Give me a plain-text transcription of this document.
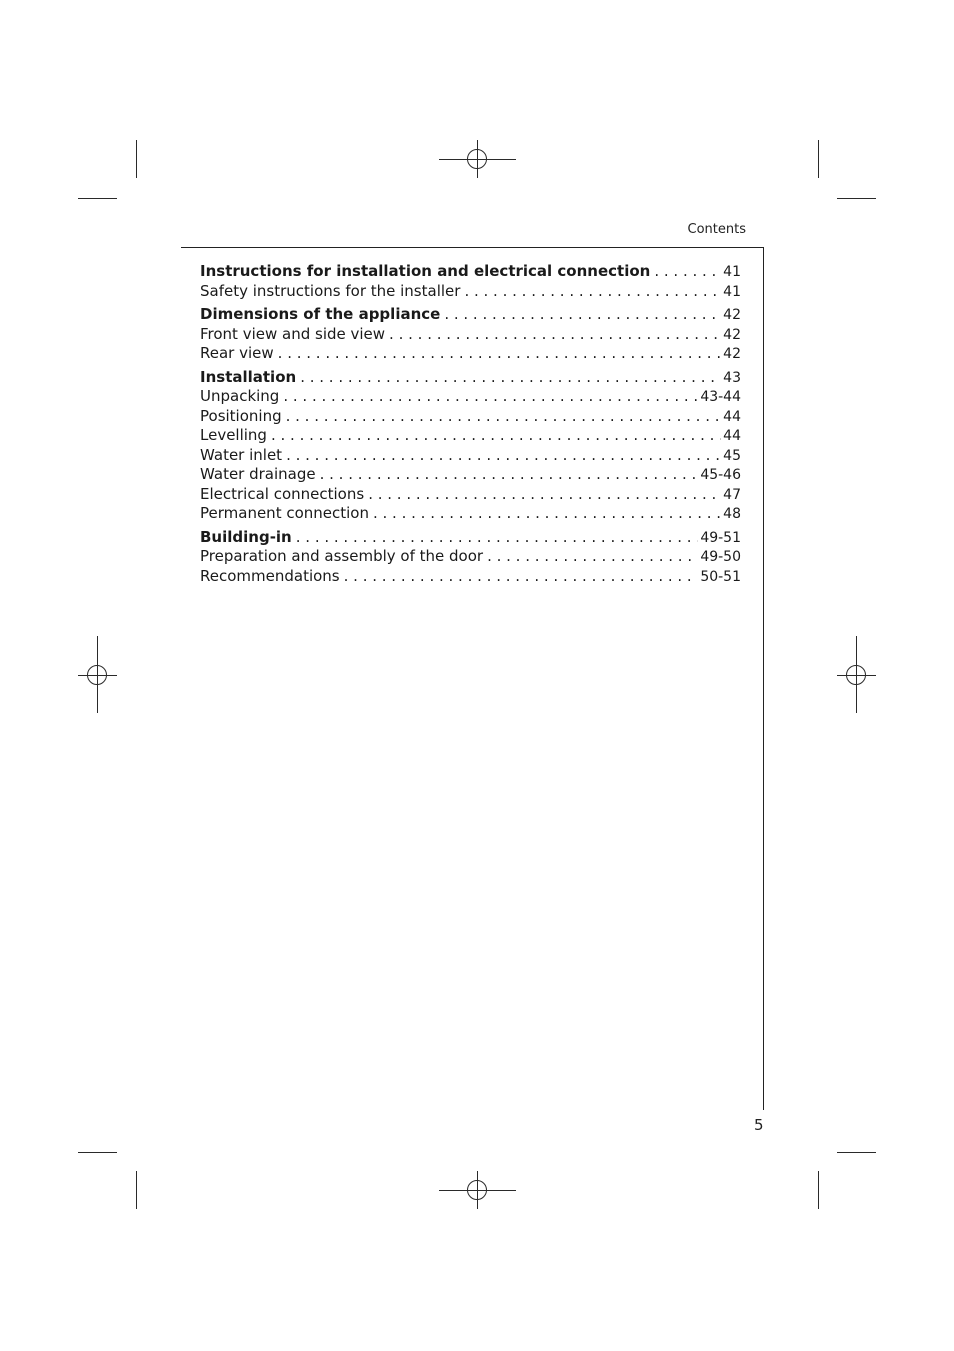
Contents
Instructions for installation and electrical connection . . .	41
Safety instructions for the installer . . .	41
Dimensions of the appliance . . .	42
Front view and side view . . .	42
Rear view . . .	42
Installation . . .	43
Unpacking . . .	43-44
Positioning . . .	44
Levelling . . .	44
Water inlet . . .	45
Water drainage . . .	45-46
Electrical connections . . .	47
Permanent connection . . .	48
Building-in . . .	49-51
Preparation and assembly of the door . . .	49-50
Recommendations . . .	50-51
5
